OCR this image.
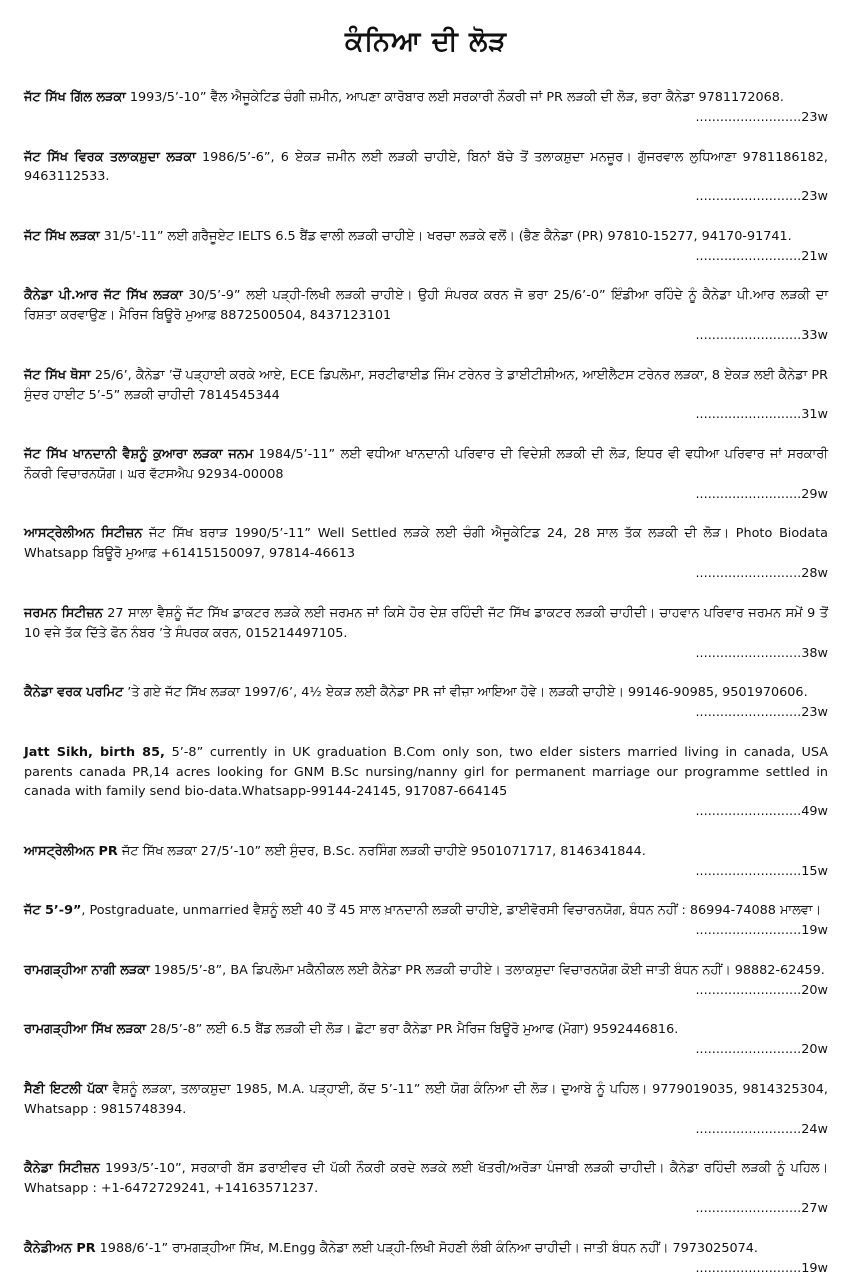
ਕੰਨਿਆ ਦੀ ਲੋੜ

ਜੱਟ ਸਿੱਖ ਗਿੱਲ ਲੜਕਾ 1993/5’-10” ਵੈੱਲ ਐਜੂਕੇਟਿਡ ਚੰਗੀ ਜ਼ਮੀਨ, ਆਪਣਾ ਕਾਰੋਬਾਰ ਲਈ ਸਰਕਾਰੀ ਨੌਕਰੀ ਜਾਂ PR ਲੜਕੀ ਦੀ ਲੋੜ, ਭਰਾ ਕੈਨੇਡਾ 9781172068.
..........................23w

ਜੱਟ ਸਿੱਖ ਵਿਰਕ ਤਲਾਕਸ਼ੁਦਾ ਲੜਕਾ 1986/5’-6”, 6 ਏਕੜ ਜ਼ਮੀਨ ਲਈ ਲੜਕੀ ਚਾਹੀਏ, ਬਿਨਾਂ ਬੱਚੇ ਤੋਂ ਤਲਾਕਸ਼ੁਦਾ ਮਨਜ਼ੂਰ। ਗੁੱਜਰਵਾਲ ਲੁਧਿਆਣਾ 9781186182, 9463112533.
..........................23w

ਜੱਟ ਸਿੱਖ ਲੜਕਾ 31/5'-11” ਲਈ ਗਰੈਜੂਏਟ IELTS 6.5 ਬੈਂਡ ਵਾਲੀ ਲੜਕੀ ਚਾਹੀਏ। ਖਰਚਾ ਲੜਕੇ ਵਲੋਂ। (ਭੈਣ ਕੈਨੇਡਾ (PR) 97810-15277, 94170-91741.
..........................21w

ਕੈਨੇਡਾ ਪੀ.ਆਰ ਜੱਟ ਸਿੱਖ ਲੜਕਾ 30/5’-9” ਲਈ ਪੜ੍ਹੀ-ਲਿਖੀ ਲੜਕੀ ਚਾਹੀਏ। ਉਹੀ ਸੰਪਰਕ ਕਰਨ ਜੋ ਭਰਾ 25/6’-0” ਇੰਡੀਆ ਰਹਿੰਦੇ ਨੂੰ ਕੈਨੇਡਾ ਪੀ.ਆਰ ਲੜਕੀ ਦਾ ਰਿਸ਼ਤਾ ਕਰਵਾਉਣ। ਮੈਰਿਜ ਬਿਊਰੋ ਮੁਆਫ਼ 8872500504, 8437123101
..........................33w

ਜੱਟ ਸਿੱਖ ਥੋਸਾ 25/6’, ਕੈਨੇਡਾ ’ਚੋਂ ਪੜ੍ਹਾਈ ਕਰਕੇ ਆਏ, ECE ਡਿਪਲੋਮਾ, ਸਰਟੀਫਾਈਡ ਜਿੰਮ ਟਰੇਨਰ ਤੇ ਡਾਈਟੀਸ਼ੀਅਨ, ਆਈਲੈਟਸ ਟਰੇਨਰ ਲੜਕਾ, 8 ਏਕੜ ਲਈ ਕੈਨੇਡਾ PR ਸੁੰਦਰ ਹਾਈਟ 5’-5” ਲੜਕੀ ਚਾਹੀਦੀ 7814545344
..........................31w

ਜੱਟ ਸਿੱਖ ਖਾਨਦਾਨੀ ਵੈਸ਼ਨੂੰ ਕੁਆਰਾ ਲੜਕਾ ਜਨਮ 1984/5’-11” ਲਈ ਵਧੀਆ ਖਾਨਦਾਨੀ ਪਰਿਵਾਰ ਦੀ ਵਿਦੇਸ਼ੀ ਲੜਕੀ ਦੀ ਲੋੜ, ਇਧਰ ਵੀ ਵਧੀਆ ਪਰਿਵਾਰ ਜਾਂ ਸਰਕਾਰੀ ਨੌਕਰੀ ਵਿਚਾਰਨਯੋਗ। ਘਰ ਵੱਟਸਐਪ 92934-00008
..........................29w

ਆਸਟ੍ਰੇਲੀਅਨ ਸਿਟੀਜ਼ਨ ਜੱਟ ਸਿੱਖ ਬਰਾੜ 1990/5’-11” Well Settled ਲੜਕੇ ਲਈ ਚੰਗੀ ਐਜੂਕੇਟਿਡ 24, 28 ਸਾਲ ਤੱਕ ਲੜਕੀ ਦੀ ਲੋੜ। Photo Biodata Whatsapp ਬਿਊਰੋ ਮੁਆਫ਼ +61415150097, 97814-46613
..........................28w

ਜਰਮਨ ਸਿਟੀਜ਼ਨ 27 ਸਾਲਾ ਵੈਸ਼ਨੂੰ ਜੱਟ ਸਿੱਖ ਡਾਕਟਰ ਲੜਕੇ ਲਈ ਜਰਮਨ ਜਾਂ ਕਿਸੇ ਹੋਰ ਦੇਸ਼ ਰਹਿੰਦੀ ਜੱਟ ਸਿੱਖ ਡਾਕਟਰ ਲੜਕੀ ਚਾਹੀਦੀ। ਚਾਹਵਾਨ ਪਰਿਵਾਰ ਜਰਮਨ ਸਮੇਂ 9 ਤੋਂ 10 ਵਜੇ ਤੱਕ ਦਿੱਤੇ ਫੋਨ ਨੰਬਰ ’ਤੇ ਸੰਪਰਕ ਕਰਨ, 015214497105.
..........................38w

ਕੈਨੇਡਾ ਵਰਕ ਪਰਮਿਟ ’ਤੇ ਗਏ ਜੱਟ ਸਿੱਖ ਲੜਕਾ 1997/6’, 4½ ਏਕੜ ਲਈ ਕੈਨੇਡਾ PR ਜਾਂ ਵੀਜ਼ਾ ਆਇਆ ਹੋਵੇ। ਲੜਕੀ ਚਾਹੀਏ। 99146-90985, 9501970606.
..........................23w

Jatt Sikh, birth 85, 5’-8” currently in UK graduation B.Com only son, two elder sisters married living in canada, USA parents canada PR,14 acres looking for GNM B.Sc nursing/nanny girl for permanent marriage our programme settled in canada with family send bio-data.Whatsapp-99144-24145, 917087-664145
..........................49w

ਆਸਟ੍ਰੇਲੀਅਨ PR ਜੱਟ ਸਿੱਖ ਲੜਕਾ 27/5’-10” ਲਈ ਸੁੰਦਰ, B.Sc. ਨਰਸਿੰਗ ਲੜਕੀ ਚਾਹੀਏ 9501071717, 8146341844.
..........................15w

ਜੱਟ 5’-9”, Postgraduate, unmarried ਵੈਸ਼ਨੂੰ ਲਈ 40 ਤੋਂ 45 ਸਾਲ ਖ਼ਾਨਦਾਨੀ ਲੜਕੀ ਚਾਹੀਏ, ਡਾਈਵੋਰਸੀ ਵਿਚਾਰਨਯੋਗ, ਬੰਧਨ ਨਹੀਂ : 86994-74088 ਮਾਲਵਾ।
..........................19w

ਰਾਮਗੜ੍ਹੀਆ ਨਾਗੀ ਲੜਕਾ 1985/5’-8”, BA ਡਿਪਲੋਮਾ ਮਕੈਨੀਕਲ ਲਈ ਕੈਨੇਡਾ PR ਲੜਕੀ ਚਾਹੀਏ। ਤਲਾਕਸ਼ੁਦਾ ਵਿਚਾਰਨਯੋਗ ਕੋਈ ਜਾਤੀ ਬੰਧਨ ਨਹੀਂ। 98882-62459.
..........................20w

ਰਾਮਗੜ੍ਹੀਆ ਸਿੱਖ ਲੜਕਾ 28/5’-8” ਲਈ 6.5 ਬੈਂਡ ਲੜਕੀ ਦੀ ਲੋੜ। ਛੋਟਾ ਭਰਾ ਕੈਨੇਡਾ PR ਮੈਰਿਜ ਬਿਊਰੋ ਮੁਆਫ (ਮੋਗਾ) 9592446816.
..........................20w

ਸੈਣੀ ਇਟਲੀ ਪੱਕਾ ਵੈਸ਼ਨੂੰ ਲੜਕਾ, ਤਲਾਕਸ਼ੁਦਾ 1985, M.A. ਪੜ੍ਹਾਈ, ਕੱਦ 5’-11” ਲਈ ਯੋਗ ਕੰਨਿਆ ਦੀ ਲੋੜ। ਦੁਆਬੇ ਨੂੰ ਪਹਿਲ। 9779019035, 9814325304, Whatsapp : 9815748394.
..........................24w

ਕੈਨੇਡਾ ਸਿਟੀਜ਼ਨ 1993/5’-10”, ਸਰਕਾਰੀ ਬੱਸ ਡਰਾਈਵਰ ਦੀ ਪੱਕੀ ਨੌਕਰੀ ਕਰਦੇ ਲੜਕੇ ਲਈ ਖੱਤਰੀ/ਅਰੋੜਾ ਪੰਜਾਬੀ ਲੜਕੀ ਚਾਹੀਦੀ। ਕੈਨੇਡਾ ਰਹਿੰਦੀ ਲੜਕੀ ਨੂੰ ਪਹਿਲ। Whatsapp : +1-6472729241, +14163571237.
..........................27w

ਕੈਨੇਡੀਅਨ PR 1988/6’-1” ਰਾਮਗੜ੍ਹੀਆ ਸਿੱਖ, M.Engg ਕੈਨੇਡਾ ਲਈ ਪੜ੍ਹੀ-ਲਿਖੀ ਸੋਹਣੀ ਲੰਬੀ ਕੰਨਿਆ ਚਾਹੀਦੀ। ਜਾਤੀ ਬੰਧਨ ਨਹੀਂ। 7973025074.
..........................19w
